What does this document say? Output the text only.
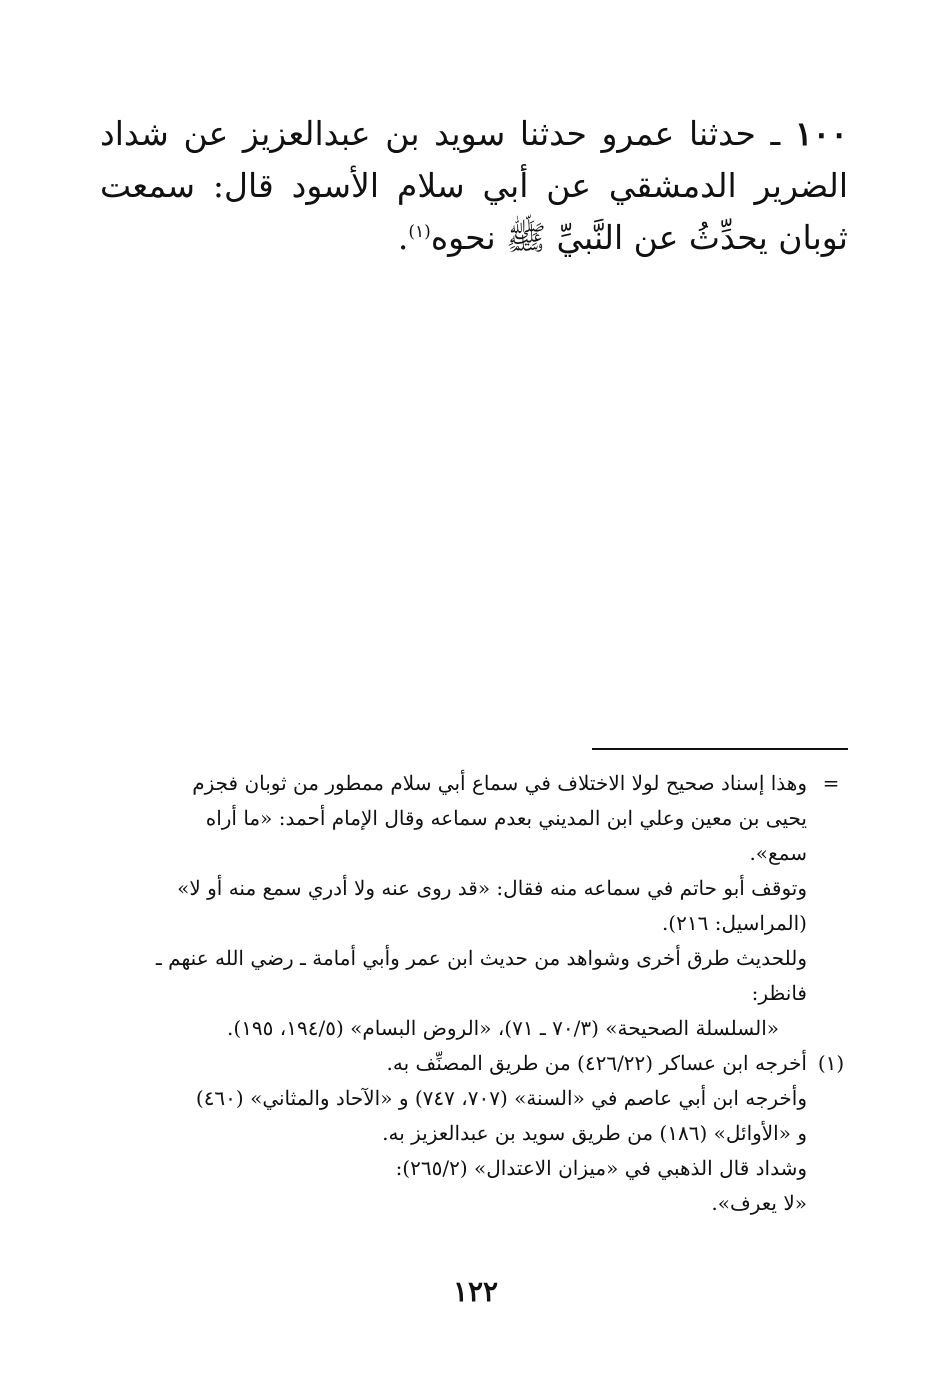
١٠٠ ـ حدثنا عمرو حدثنا سويد بن عبدالعزيز عن شداد الضرير الدمشقي عن أبي سلام الأسود قال: سمعت ثوبان يحدِّثُ عن النَّبيِّ ﷺ نحوه$^{(١)}$.
=
وهذا إسناد صحيح لولا الاختلاف في سماع أبي سلام ممطور من ثوبان فجزم
يحيى بن معين وعلي ابن المديني بعدم سماعه وقال الإمام أحمد: «ما أراه
سمع».
وتوقف أبو حاتم في سماعه منه فقال: «قد روى عنه ولا أدري سمع منه أو لا»
(المراسيل: ٢١٦).
وللحديث طرق أخرى وشواهد من حديث ابن عمر وأبي أمامة ـ رضي الله عنهم ـ
فانظر:
«السلسلة الصحيحة» (٧٠/٣ ـ ٧١)، «الروض البسام» (١٩٤/٥، ١٩٥).
(١)
أخرجه ابن عساكر (٤٢٦/٢٢) من طريق المصنِّف به.
وأخرجه ابن أبي عاصم في «السنة» (٧٠٧، ٧٤٧) و «الآحاد والمثاني» (٤٦٠)
و «الأوائل» (١٨٦) من طريق سويد بن عبدالعزيز به.
وشداد قال الذهبي في «ميزان الاعتدال» (٢٦٥/٢):
«لا يعرف».
١٢٢
